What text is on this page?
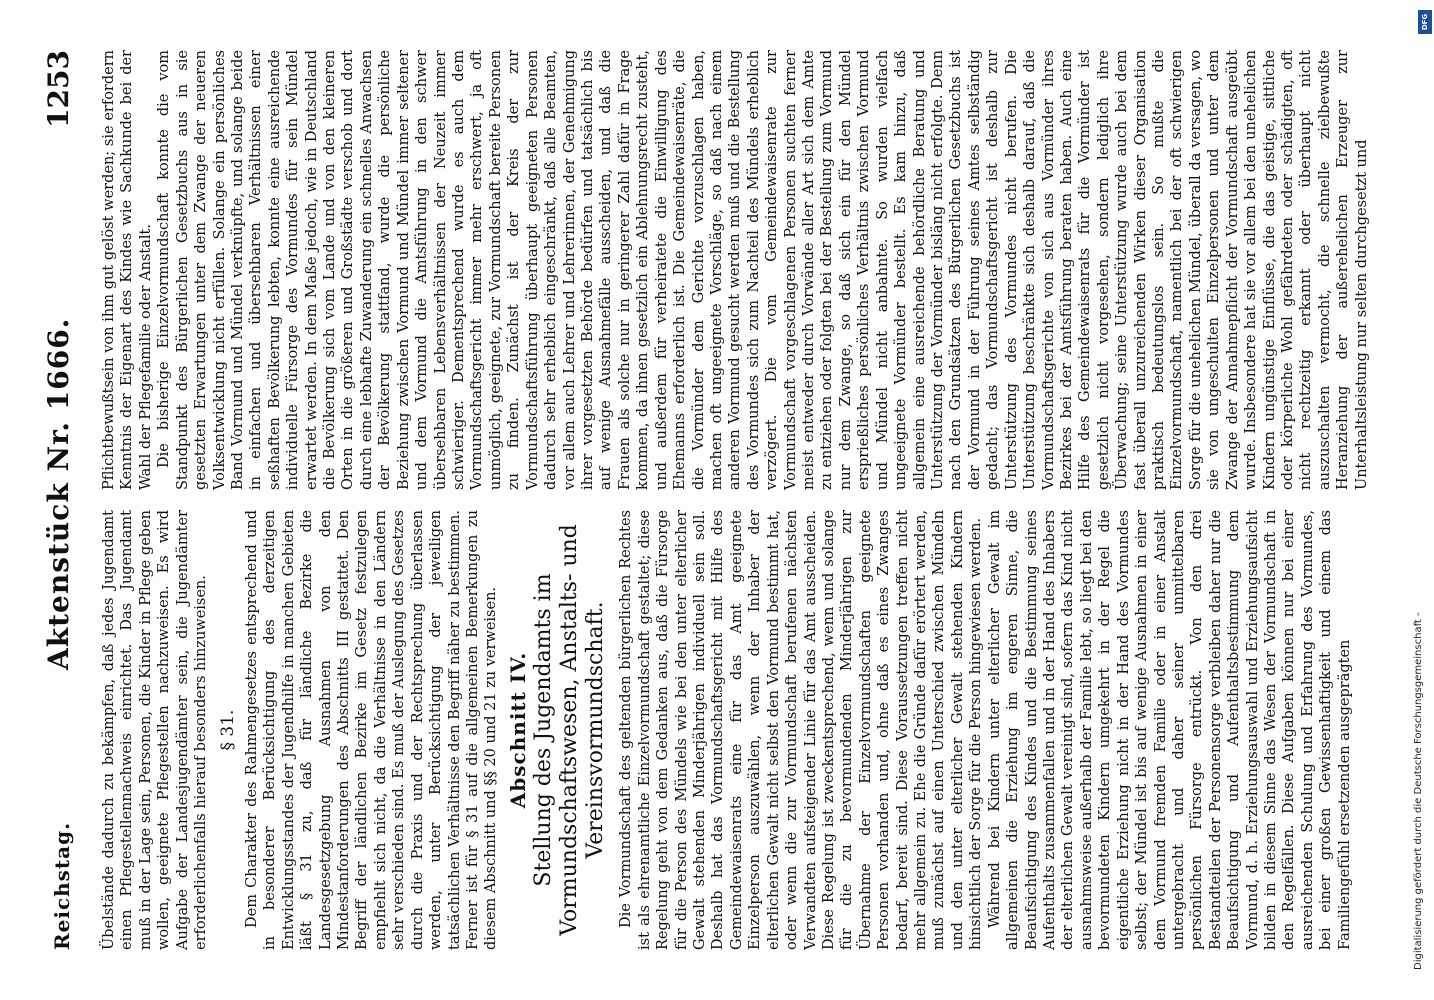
Reichstag.
Aktenstück Nr. 1666.
1253

Übelstände dadurch zu bekämpfen, daß jedes Jugendamt einen Pflegestellennachweis einrichtet. Das Jugendamt muß in der Lage sein, Personen, die Kinder in Pflege geben wollen, geeignete Pflegestellen nachzuweisen. Es wird Aufgabe der Landesjugendämter sein, die Jugendämter erforderlichenfalls hierauf besonders hinzuweisen. § 31. Dem Charakter des Rahmengesetzes entsprechend und in besonderer Berücksichtigung des derzeitigen Entwicklungsstandes der Jugendhilfe in manchen Gebieten läßt § 31 zu, daß für ländliche Bezirke die Landesgesetzgebung Ausnahmen von den Mindestanforderungen des Abschnitts III gestattet. Den Begriff der ländlichen Bezirke im Gesetz festzulegen empfiehlt sich nicht, da die Verhältnisse in den Ländern sehr verschieden sind. Es muß der Auslegung des Gesetzes durch die Praxis und der Rechtsprechung überlassen werden, unter Berücksichtigung der jeweiligen tatsächlichen Verhältnisse den Begriff näher zu bestimmen. Ferner ist für § 31 auf die allgemeinen Bemerkungen zu diesem Abschnitt und §§ 20 und 21 zu verweisen. Abschnitt IV. Stellung des Jugendamts im Vormundschaftswesen, Anstalts- und Vereinsvormundschaft. Die Vormundschaft des geltenden bürgerlichen Rechtes ist als ehrenamtliche Einzelvormundschaft gestaltet; diese Regelung geht von dem Gedanken aus, daß die Fürsorge für die Person des Mündels wie bei den unter elterlicher Gewalt stehenden Minderjährigen individuell sein soll. Deshalb hat das Vormundschaftsgericht mit Hilfe des Gemeindewaisenrats eine für das Amt geeignete Einzelperson auszuwählen, wenn der Inhaber der elterlichen Gewalt nicht selbst den Vormund bestimmt hat, oder wenn die zur Vormundschaft berufenen nächsten Verwandten aufsteigender Linie für das Amt ausscheiden. Diese Regelung ist zweckentsprechend, wenn und solange für die zu bevormundenden Minderjährigen zur Übernahme der Einzelvormundschaften geeignete Personen vorhanden und, ohne daß es eines Zwanges bedarf, bereit sind. Diese Voraussetzungen treffen nicht mehr allgemein zu. Ehe die Gründe dafür erörtert werden, muß zunächst auf einen Unterschied zwischen Mündeln und den unter elterlicher Gewalt stehenden Kindern hinsichtlich der Sorge für die Person hingewiesen werden. Während bei Kindern unter elterlicher Gewalt im allgemeinen die Erziehung im engeren Sinne, die Beaufsichtigung des Kindes und die Bestimmung seines Aufenthalts zusammenfallen und in der Hand des Inhabers der elterlichen Gewalt vereinigt sind, sofern das Kind nicht ausnahmsweise außerhalb der Familie lebt, so liegt bei den bevormundeten Kindern umgekehrt in der Regel die eigentliche Erziehung nicht in der Hand des Vormundes selbst; der Mündel ist bis auf wenige Ausnahmen in einer dem Vormund fremden Familie oder in einer Anstalt untergebracht und daher seiner unmittelbaren persönlichen Fürsorge entrückt. Von den drei Bestandteilen der Personensorge verbleiben daher nur die Beaufsichtigung und Aufenthaltsbestimmung dem Vormund, d. h. Erziehungsauswahl und Erziehungsaufsicht bilden in diesem Sinne das Wesen der Vormundschaft in den Regelfällen. Diese Aufgaben können nur bei einer ausreichenden Schulung und Erfahrung des Vormundes, bei einer großen Gewissenhaftigkeit und einem das Familiengefühl ersetzenden ausgeprägten

Pflichtbewußtsein von ihm gut gelöst werden; sie erfordern Kenntnis der Eigenart des Kindes wie Sachkunde bei der Wahl der Pflegefamilie oder Anstalt. Die bisherige Einzelvormundschaft konnte die vom Standpunkt des Bürgerlichen Gesetzbuchs aus in sie gesetzten Erwartungen unter dem Zwange der neueren Volksentwicklung nicht erfüllen. Solange ein persönliches Band Vormund und Mündel verknüpfte, und solange beide in einfachen und übersehbaren Verhältnissen einer seßhaften Bevölkerung lebten, konnte eine ausreichende individuelle Fürsorge des Vormundes für sein Mündel erwartet werden. In dem Maße jedoch, wie in Deutschland die Bevölkerung sich vom Lande und von den kleineren Orten in die größeren und Großstädte verschob und dort durch eine lebhafte Zuwanderung ein schnelles Anwachsen der Bevölkerung stattfand, wurde die persönliche Beziehung zwischen Vormund und Mündel immer seltener und dem Vormund die Amtsführung in den schwer übersehbaren Lebensverhältnissen der Neuzeit immer schwieriger. Dementsprechend wurde es auch dem Vormundschaftsgericht immer mehr erschwert, ja oft unmöglich, geeignete, zur Vormundschaft bereite Personen zu finden. Zunächst ist der Kreis der zur Vormundschaftsführung überhaupt geeigneten Personen dadurch sehr erheblich eingeschränkt, daß alle Beamten, vor allem auch Lehrer und Lehrerinnen, der Genehmigung ihrer vorgesetzten Behörde bedürfen und tatsächlich bis auf wenige Ausnahmefälle ausscheiden, und daß die Frauen als solche nur in geringerer Zahl dafür in Frage kommen, da ihnen gesetzlich ein Ablehnungsrecht zusteht, und außerdem für verheiratete die Einwilligung des Ehemanns erforderlich ist. Die Gemeindewaisenräte, die die Vormünder dem Gerichte vorzuschlagen haben, machen oft ungeeignete Vorschläge, so daß nach einem anderen Vormund gesucht werden muß und die Bestellung des Vormundes sich zum Nachteil des Mündels erheblich verzögert. Die vom Gemeindewaisenrate zur Vormundschaft vorgeschlagenen Personen suchten ferner meist entweder durch Vorwände aller Art sich dem Amte zu entziehen oder folgten bei der Bestellung zum Vormund nur dem Zwange, so daß sich ein für den Mündel ersprießliches persönliches Verhältnis zwischen Vormund und Mündel nicht anbahnte. So wurden vielfach ungeeignete Vormünder bestellt. Es kam hinzu, daß allgemein eine ausreichende behördliche Beratung und Unterstützung der Vormünder bisläng nicht erfolgte. Denn nach den Grundsätzen des Bürgerlichen Gesetzbuchs ist der Vormund in der Führung seines Amtes selbständig gedacht; das Vormundschaftsgericht ist deshalb zur Unterstützung des Vormundes nicht berufen. Die Unterstützung beschränkte sich deshalb darauf, daß die Vormundschaftsgerichte von sich aus Vormünder ihres Bezirkes bei der Amtsführung beraten haben. Auch eine Hilfe des Gemeindewaisenrats für die Vormünder ist gesetzlich nicht vorgesehen, sondern lediglich ihre Überwachung; seine Unterstützung wurde auch bei dem fast überall unzureichenden Wirken dieser Organisation praktisch bedeutungslos sein. So mußte die Einzelvormundschaft, namentlich bei der oft schwierigen Sorge für die unehelichen Mündel, überall da versagen, wo sie von ungeschulten Einzelpersonen und unter dem Zwange der Annahmepflicht der Vormundschaft ausgeübt wurde. Insbesondere hat sie vor allem bei den unehelichen Kindern ungünstige Einflüsse, die das geistige, sittliche oder körperliche Wohl gefährdeten oder schädigten, oft nicht rechtzeitig erkannt oder überhaupt nicht auszuschalten vermocht, die schnelle zielbewußte Heranziehung der außerehelichen Erzeuger zur Unterhaltsleistung nur selten durchgesetzt und

DFG
Digitalisierung gefördert durch die Deutsche Forschungsgemeinschaft -
